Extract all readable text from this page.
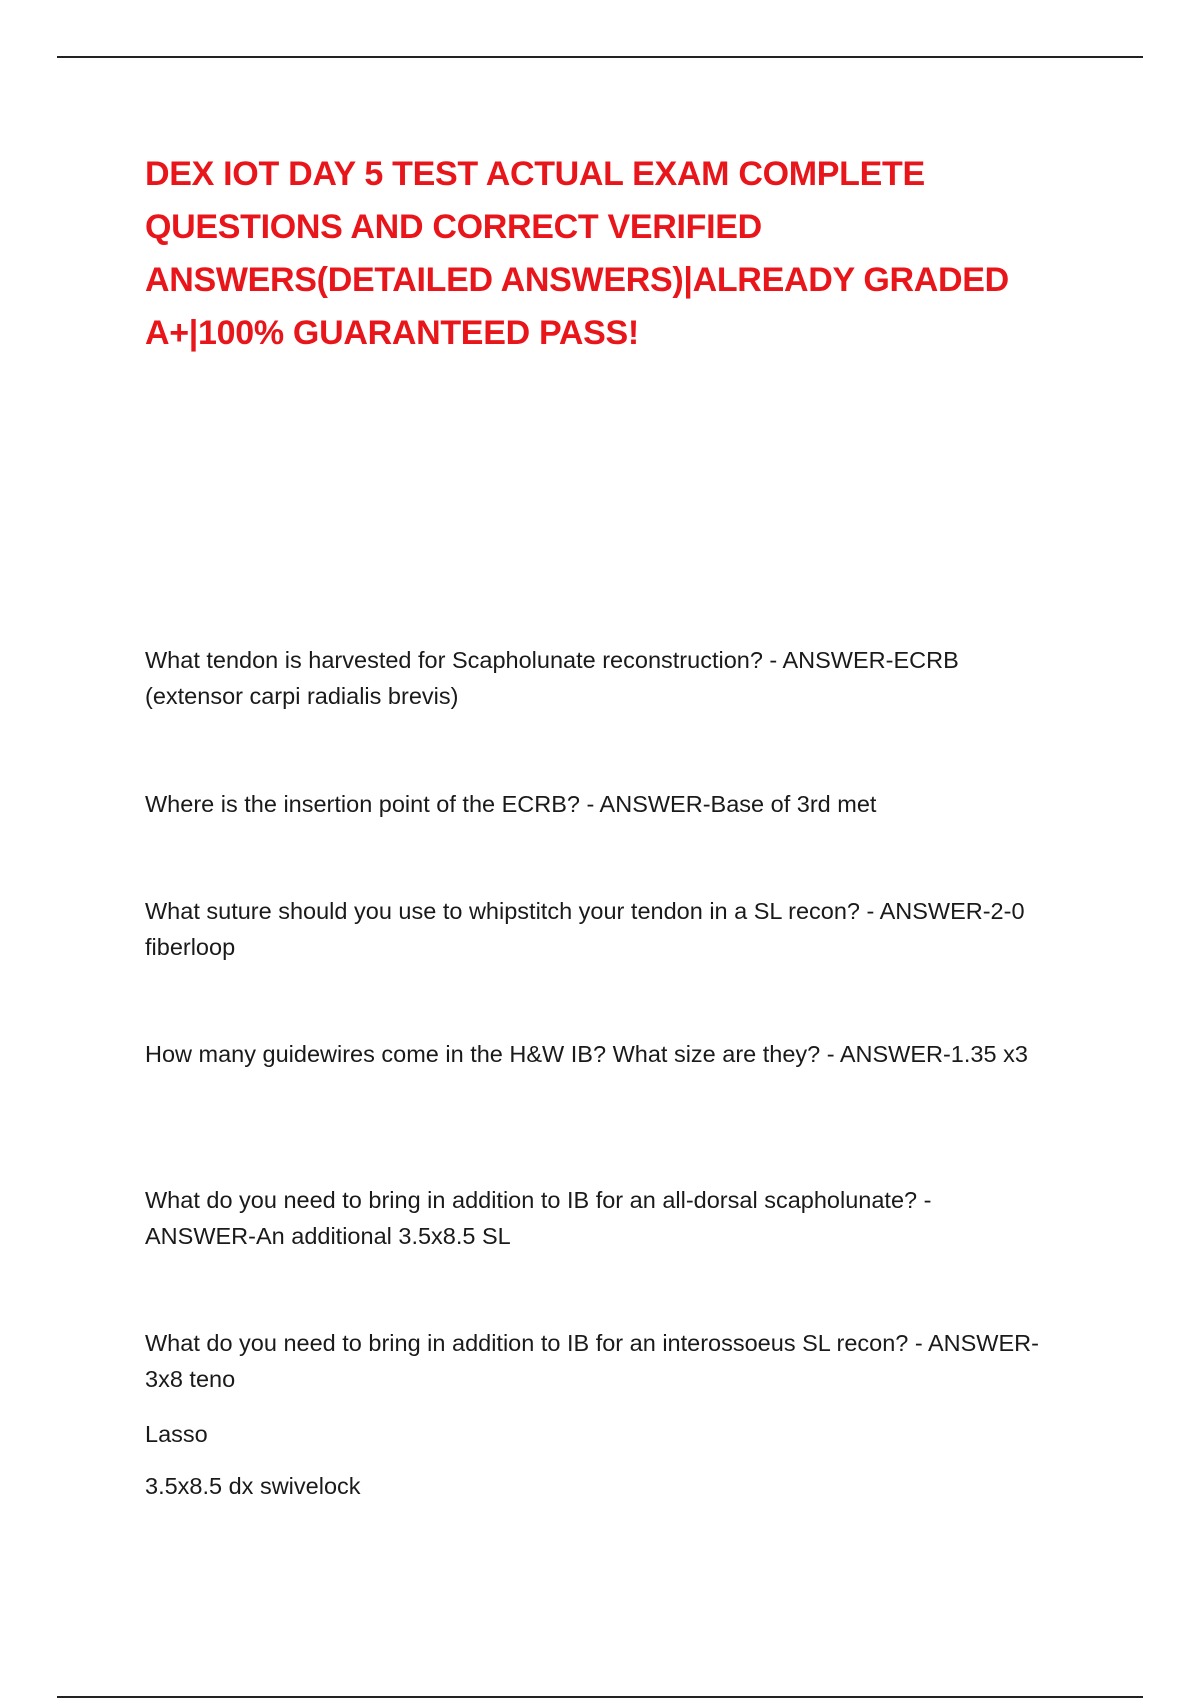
DEX IOT DAY 5 TEST ACTUAL EXAM COMPLETE QUESTIONS AND CORRECT VERIFIED ANSWERS(DETAILED ANSWERS)|ALREADY GRADED A+|100% GUARANTEED PASS!

What tendon is harvested for Scapholunate reconstruction? - ANSWER-ECRB (extensor carpi radialis brevis)

Where is the insertion point of the ECRB? - ANSWER-Base of 3rd met

What suture should you use to whipstitch your tendon in a SL recon? - ANSWER-2-0 fiberloop

How many guidewires come in the H&W IB? What size are they? - ANSWER-1.35 x3

What do you need to bring in addition to IB for an all-dorsal scapholunate? - ANSWER-An additional 3.5x8.5 SL

What do you need to bring in addition to IB for an interossoeus SL recon? - ANSWER-3x8 teno

Lasso

3.5x8.5 dx swivelock
